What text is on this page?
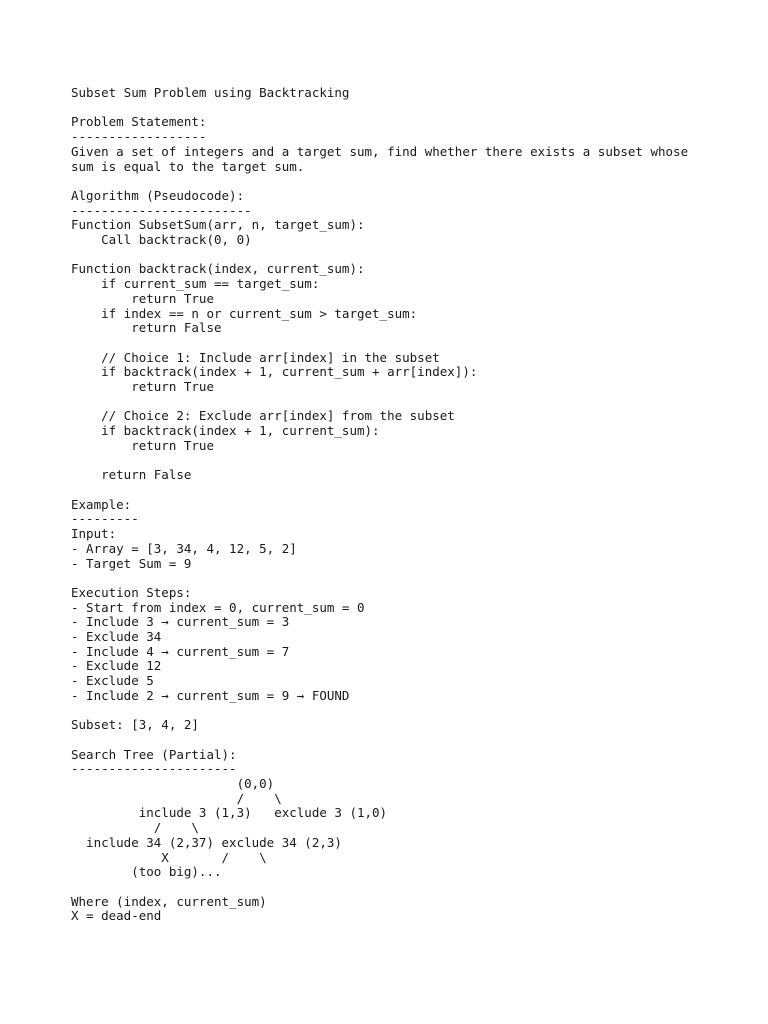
Subset Sum Problem using Backtracking

Problem Statement:
------------------
Given a set of integers and a target sum, find whether there exists a subset whose
sum is equal to the target sum.

Algorithm (Pseudocode):
------------------------
Function SubsetSum(arr, n, target_sum):
Call backtrack(0, 0)

Function backtrack(index, current_sum):
if current_sum == target_sum:
return True
if index == n or current_sum > target_sum:
return False

// Choice 1: Include arr[index] in the subset
if backtrack(index + 1, current_sum + arr[index]):
return True

// Choice 2: Exclude arr[index] from the subset
if backtrack(index + 1, current_sum):
return True

return False

Example:
---------
Input:
- Array = [3, 34, 4, 12, 5, 2]
- Target Sum = 9

Execution Steps:
- Start from index = 0, current_sum = 0
- Include 3 → current_sum = 3
- Exclude 34
- Include 4 → current_sum = 7
- Exclude 12
- Exclude 5
- Include 2 → current_sum = 9 → FOUND

Subset: [3, 4, 2]

Search Tree (Partial):
----------------------
(0,0)
/    \
include 3 (1,3)   exclude 3 (1,0)
/    \
include 34 (2,37) exclude 34 (2,3)
X       /    \
(too big)...

Where (index, current_sum)
X = dead-end
